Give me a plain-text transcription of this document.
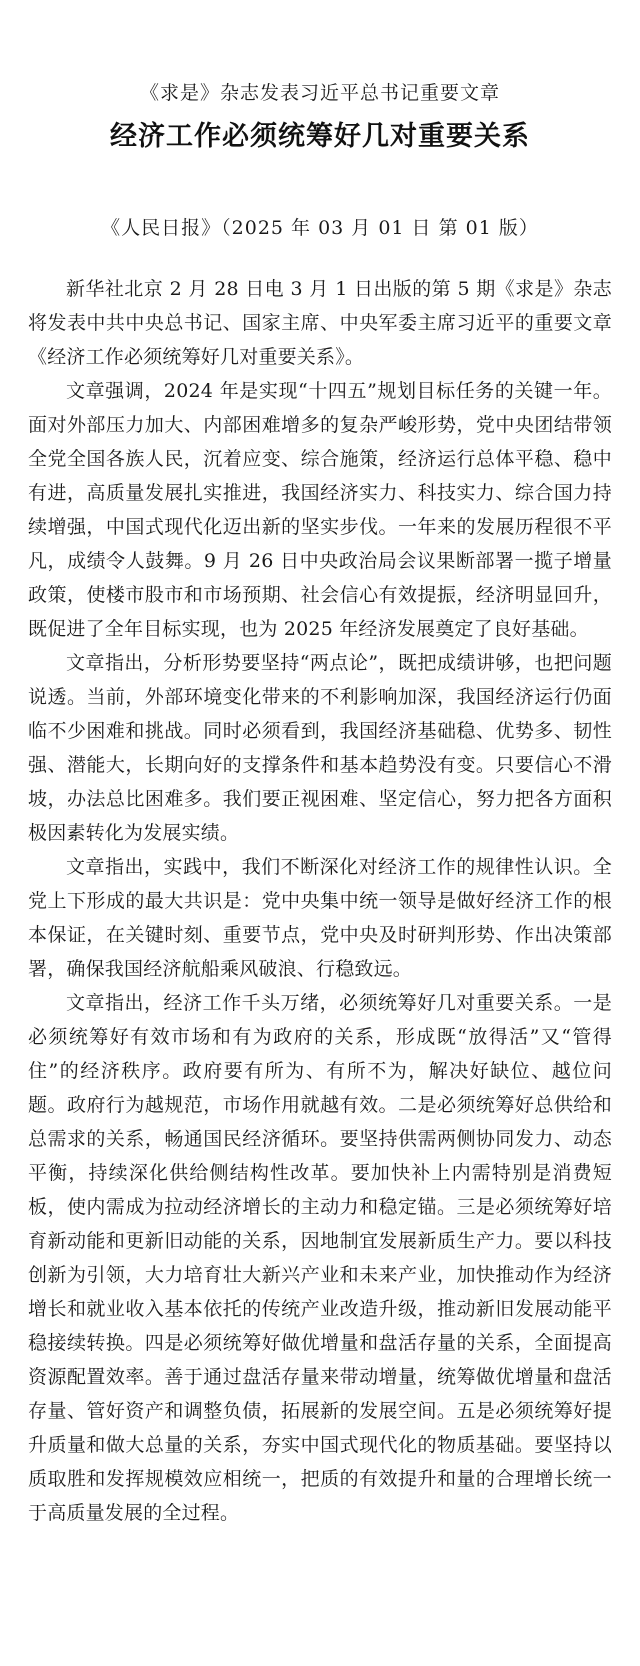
《求是》杂志发表习近平总书记重要文章
经济工作必须统筹好几对重要关系
《人民日报》（2025 年 03 月 01 日 第 01 版）

新华社北京 2 月 28 日电 3 月 1 日出版的第 5 期《求是》杂志将发表中共中央总书记、国家主席、中央军委主席习近平的重要文章《经济工作必须统筹好几对重要关系》。

文章强调，2024 年是实现“十四五”规划目标任务的关键一年。面对外部压力加大、内部困难增多的复杂严峻形势，党中央团结带领全党全国各族人民，沉着应变、综合施策，经济运行总体平稳、稳中有进，高质量发展扎实推进，我国经济实力、科技实力、综合国力持续增强，中国式现代化迈出新的坚实步伐。一年来的发展历程很不平凡，成绩令人鼓舞。9 月 26 日中央政治局会议果断部署一揽子增量政策，使楼市股市和市场预期、社会信心有效提振，经济明显回升，既促进了全年目标实现，也为 2025 年经济发展奠定了良好基础。

文章指出，分析形势要坚持“两点论”，既把成绩讲够，也把问题说透。当前，外部环境变化带来的不利影响加深，我国经济运行仍面临不少困难和挑战。同时必须看到，我国经济基础稳、优势多、韧性强、潜能大，长期向好的支撑条件和基本趋势没有变。只要信心不滑坡，办法总比困难多。我们要正视困难、坚定信心，努力把各方面积极因素转化为发展实绩。

文章指出，实践中，我们不断深化对经济工作的规律性认识。全党上下形成的最大共识是：党中央集中统一领导是做好经济工作的根本保证，在关键时刻、重要节点，党中央及时研判形势、作出决策部署，确保我国经济航船乘风破浪、行稳致远。

文章指出，经济工作千头万绪，必须统筹好几对重要关系。一是必须统筹好有效市场和有为政府的关系，形成既“放得活”又“管得住”的经济秩序。政府要有所为、有所不为，解决好缺位、越位问题。政府行为越规范，市场作用就越有效。二是必须统筹好总供给和总需求的关系，畅通国民经济循环。要坚持供需两侧协同发力、动态平衡，持续深化供给侧结构性改革。要加快补上内需特别是消费短板，使内需成为拉动经济增长的主动力和稳定锚。三是必须统筹好培育新动能和更新旧动能的关系，因地制宜发展新质生产力。要以科技创新为引领，大力培育壮大新兴产业和未来产业，加快推动作为经济增长和就业收入基本依托的传统产业改造升级，推动新旧发展动能平稳接续转换。四是必须统筹好做优增量和盘活存量的关系，全面提高资源配置效率。善于通过盘活存量来带动增量，统筹做优增量和盘活存量、管好资产和调整负债，拓展新的发展空间。五是必须统筹好提升质量和做大总量的关系，夯实中国式现代化的物质基础。要坚持以质取胜和发挥规模效应相统一，把质的有效提升和量的合理增长统一于高质量发展的全过程。
